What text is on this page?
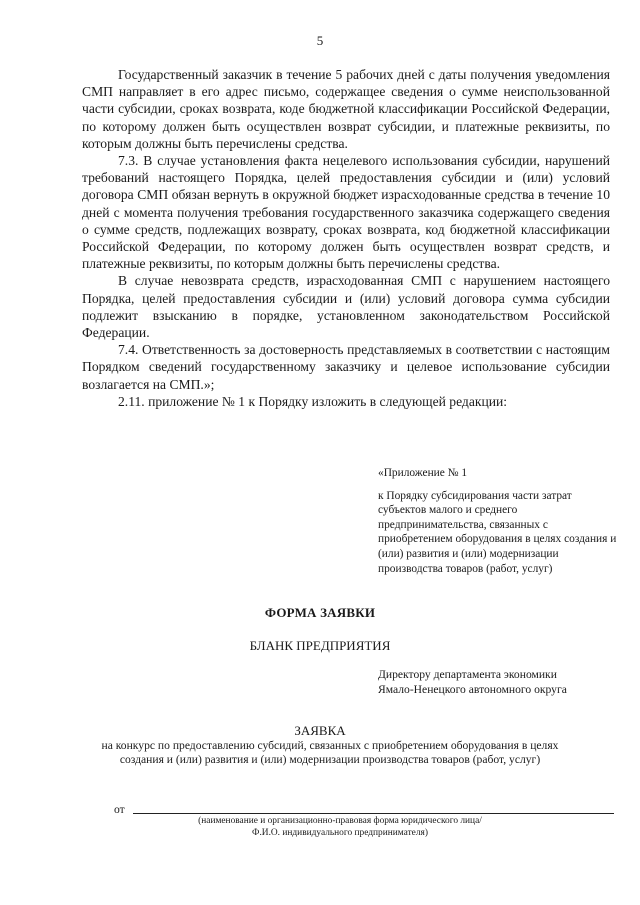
5

Государственный заказчик в течение 5 рабочих дней с даты получения уведомления СМП направляет в его адрес письмо, содержащее сведения о сумме неиспользованной части субсидии, сроках возврата, коде бюджетной классификации Российской Федерации, по которому должен быть осуществлен возврат субсидии, и платежные реквизиты, по которым должны быть перечислены средства.

7.3. В случае установления факта нецелевого использования субсидии, нарушений требований настоящего Порядка, целей предоставления субсидии и (или) условий договора СМП обязан вернуть в окружной бюджет израсходованные средства в течение 10 дней с момента получения требования государственного заказчика содержащего сведения о сумме средств, подлежащих возврату, сроках возврата, код бюджетной классификации Российской Федерации, по которому должен быть осуществлен возврат средств, и платежные реквизиты, по которым должны быть перечислены средства.

В случае невозврата средств, израсходованная СМП с нарушением настоящего Порядка, целей предоставления субсидии и (или) условий договора сумма субсидии подлежит взысканию в порядке, установленном законодательством Российской Федерации.

7.4. Ответственность за достоверность представляемых в соответствии с настоящим Порядком сведений государственному заказчику и целевое использование субсидии возлагается на СМП.»;

2.11. приложение № 1 к Порядку изложить в следующей редакции:

«Приложение № 1

к Порядку субсидирования части затрат субъектов малого и среднего предпринимательства, связанных с приобретением оборудования в целях создания и (или) развития и (или) модернизации производства товаров (работ, услуг)

ФОРМА ЗАЯВКИ
БЛАНК ПРЕДПРИЯТИЯ
Директору департамента экономики
Ямало-Ненецкого автономного округа
ЗАЯВКА
на конкурс по предоставлению субсидий, связанных с приобретением оборудования в целях создания и (или) развития и (или) модернизации производства товаров (работ, услуг)
от
(наименование и организационно-правовая форма юридического лица/
Ф.И.О. индивидуального предпринимателя)
